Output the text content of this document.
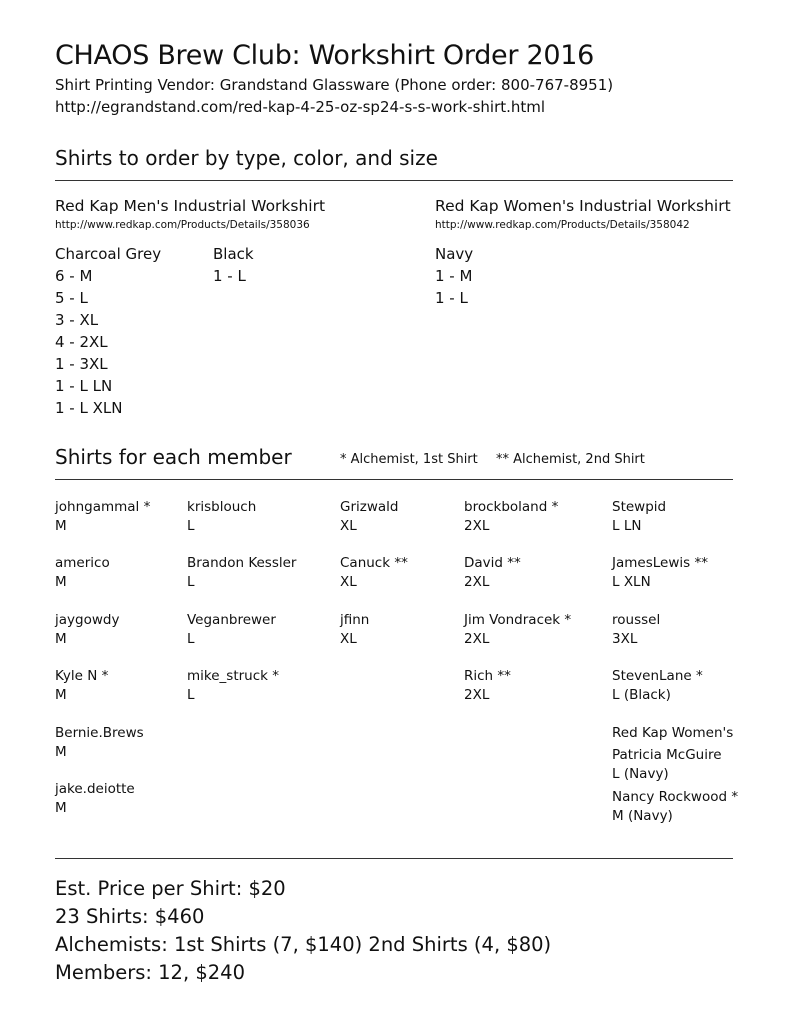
CHAOS Brew Club: Workshirt Order 2016
Shirt Printing Vendor: Grandstand Glassware (Phone order: 800-767-8951)
http://egrandstand.com/red-kap-4-25-oz-sp24-s-s-work-shirt.html
Shirts to order by type, color, and size
Red Kap Men's Industrial Workshirt
http://www.redkap.com/Products/Details/358036
Charcoal Grey
6 - M
5 - L
3 - XL
4 - 2XL
1 - 3XL
1 - L LN
1 - L XLN
Black
1 - L
Red Kap Women's Industrial Workshirt
http://www.redkap.com/Products/Details/358042
Navy
1 - M
1 - L
Shirts for each member	* Alchemist, 1st Shirt ** Alchemist, 2nd Shirt
johngammal *
M
americo
M
jaygowdy
M
Kyle N *
M
Bernie.Brews
M
jake.deiotte
M
krisblouch
L
Brandon Kessler
L
Veganbrewer
L
mike_struck *
L
Grizwald
XL
Canuck **
XL
jfinn
XL
brockboland *
2XL
David **
2XL
Jim Vondracek *
2XL
Rich **
2XL
Stewpid
L LN
JamesLewis **
L XLN
roussel
3XL
StevenLane *
L (Black)
Red Kap Women's
Patricia McGuire
L (Navy)
Nancy Rockwood *
M (Navy)
Est. Price per Shirt: $20
23 Shirts: $460
Alchemists: 1st Shirts (7, $140) 2nd Shirts (4, $80)
Members: 12, $240
